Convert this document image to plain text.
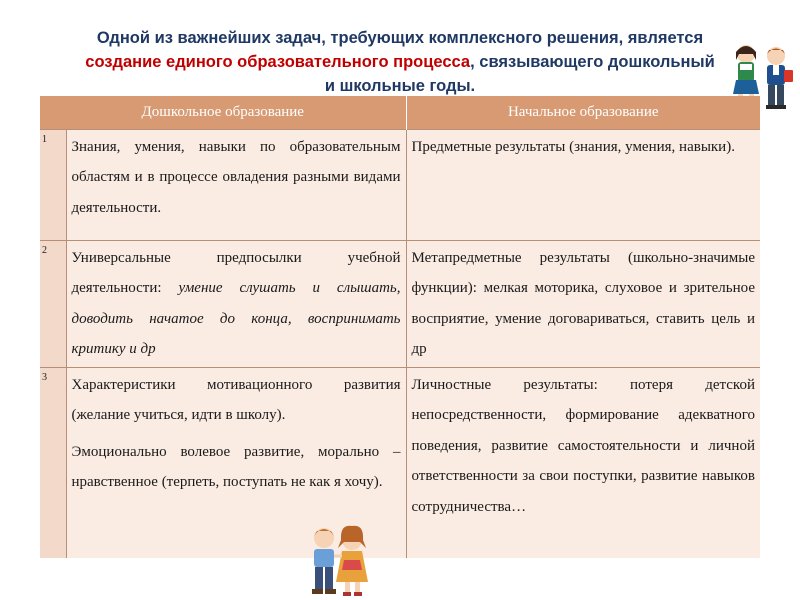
Одной из важнейших задач, требующих комплексного решения, является
создание единого образовательного процесса, связывающего дошкольный
и школьные годы.
Дошкольное образование		Начальное образование
1	Знания, умения, навыки по образовательным областям и в процессе овладения разными видами деятельности.	Предметные результаты (знания, умения, навыки).
2	Универсальные предпосылки учебной деятельности: умение слушать и слышать, доводить начатое до конца, воспринимать критику и др	Метапредметные результаты (школьно-значимые функции): мелкая моторика, слуховое и зрительное восприятие, умение договариваться, ставить цель и др
3	Характеристики мотивационного развития (желание учиться, идти в школу).
Эмоционально волевое развитие, морально – нравственное (терпеть, поступать не как я хочу).	Личностные результаты: потеря детской непосредственности, формирование адекватного поведения, развитие самостоятельности и личной ответственности за свои поступки, развитие навыков сотрудничества…
